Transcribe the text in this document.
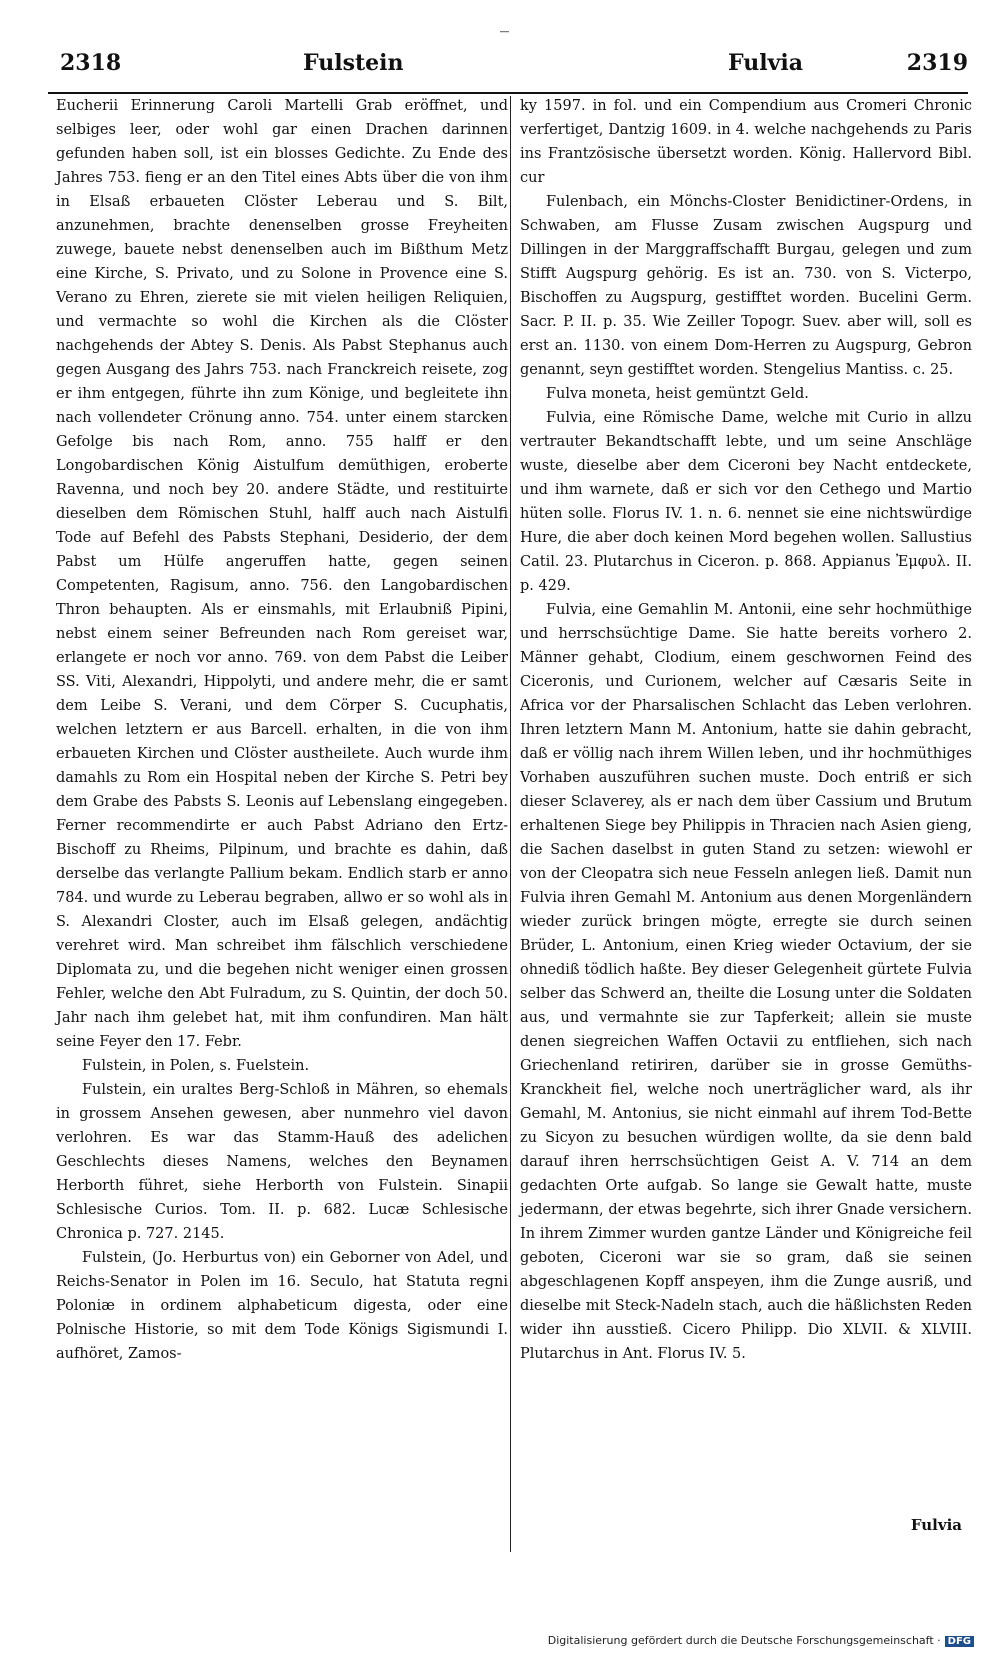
_
2318	Fulstein	Fulvia	2319

Eucherii Erinnerung Caroli Martelli Grab eröffnet, und selbiges leer, oder wohl gar einen Drachen darinnen gefunden haben soll, ist ein blosses Gedichte. Zu Ende des Jahres 753. fieng er an den Titel eines Abts über die von ihm in Elsaß erbaueten Clöster Leberau und S. Bilt, anzunehmen, brachte denenselben grosse Freyheiten zuwege, bauete nebst denenselben auch im Bißthum Metz eine Kirche, S. Privato, und zu Solone in Provence eine S. Verano zu Ehren, zierete sie mit vielen heiligen Reliquien, und vermachte so wohl die Kirchen als die Clöster nachgehends der Abtey S. Denis. Als Pabst Stephanus auch gegen Ausgang des Jahrs 753. nach Franckreich reisete, zog er ihm entgegen, führte ihn zum Könige, und begleitete ihn nach vollendeter Crönung anno. 754. unter einem starcken Gefolge bis nach Rom, anno. 755 halff er den Longobardischen König Aistulfum demüthigen, eroberte Ravenna, und noch bey 20. andere Städte, und restituirte dieselben dem Römischen Stuhl, halff auch nach Aistulfi Tode auf Befehl des Pabsts Stephani, Desiderio, der dem Pabst um Hülfe angeruffen hatte, gegen seinen Competenten, Ragisum, anno. 756. den Langobardischen Thron behaupten. Als er einsmahls, mit Erlaubniß Pipini, nebst einem seiner Befreunden nach Rom gereiset war, erlangete er noch vor anno. 769. von dem Pabst die Leiber SS. Viti, Alexandri, Hippolyti, und andere mehr, die er samt dem Leibe S. Verani, und dem Cörper S. Cucuphatis, welchen letztern er aus Barcell. erhalten, in die von ihm erbaueten Kirchen und Clöster austheilete. Auch wurde ihm damahls zu Rom ein Hospital neben der Kirche S. Petri bey dem Grabe des Pabsts S. Leonis auf Lebenslang eingegeben. Ferner recommendirte er auch Pabst Adriano den Ertz-Bischoff zu Rheims, Pilpinum, und brachte es dahin, daß derselbe das verlangte Pallium bekam. Endlich starb er anno 784. und wurde zu Leberau begraben, allwo er so wohl als in S. Alexandri Closter, auch im Elsaß gelegen, andächtig verehret wird. Man schreibet ihm fälschlich verschiedene Diplomata zu, und die begehen nicht weniger einen grossen Fehler, welche den Abt Fulradum, zu S. Quintin, der doch 50. Jahr nach ihm gelebet hat, mit ihm confundiren. Man hält seine Feyer den 17. Febr.

Fulstein, in Polen, s. Fuelstein.

Fulstein, ein uraltes Berg-Schloß in Mähren, so ehemals in grossem Ansehen gewesen, aber nunmehro viel davon verlohren. Es war das Stamm-Hauß des adelichen Geschlechts dieses Namens, welches den Beynamen Herborth führet, siehe Herborth von Fulstein. Sinapii Schlesische Curios. Tom. II. p. 682. Lucæ Schlesische Chronica p. 727. 2145.

Fulstein, (Jo. Herburtus von) ein Geborner von Adel, und Reichs-Senator in Polen im 16. Seculo, hat Statuta regni Poloniæ in ordinem alphabeticum digesta, oder eine Polnische Historie, so mit dem Tode Königs Sigismundi I. aufhöret, Zamos-

ky 1597. in fol. und ein Compendium aus Cromeri Chronic verfertiget, Dantzig 1609. in 4. welche nachgehends zu Paris ins Frantzösische übersetzt worden. König. Hallervord Bibl. cur

Fulenbach, ein Mönchs-Closter Benidictiner-Ordens, in Schwaben, am Flusse Zusam zwischen Augspurg und Dillingen in der Marggraffschafft Burgau, gelegen und zum Stifft Augspurg gehörig. Es ist an. 730. von S. Victerpo, Bischoffen zu Augspurg, gestifftet worden. Bucelini Germ. Sacr. P. II. p. 35. Wie Zeiller Topogr. Suev. aber will, soll es erst an. 1130. von einem Dom-Herren zu Augspurg, Gebron genannt, seyn gestifftet worden. Stengelius Mantiss. c. 25.

Fulva moneta, heist gemüntzt Geld.

Fulvia, eine Römische Dame, welche mit Curio in allzu vertrauter Bekandtschafft lebte, und um seine Anschläge wuste, dieselbe aber dem Ciceroni bey Nacht entdeckete, und ihm warnete, daß er sich vor den Cethego und Martio hüten solle. Florus IV. 1. n. 6. nennet sie eine nichtswürdige Hure, die aber doch keinen Mord begehen wollen. Sallustius Catil. 23. Plutarchus in Ciceron. p. 868. Appianus Ἐμφυλ. II. p. 429.

Fulvia, eine Gemahlin M. Antonii, eine sehr hochmüthige und herrschsüchtige Dame. Sie hatte bereits vorhero 2. Männer gehabt, Clodium, einem geschwornen Feind des Ciceronis, und Curionem, welcher auf Cæsaris Seite in Africa vor der Pharsalischen Schlacht das Leben verlohren. Ihren letztern Mann M. Antonium, hatte sie dahin gebracht, daß er völlig nach ihrem Willen leben, und ihr hochmüthiges Vorhaben auszuführen suchen muste. Doch entriß er sich dieser Sclaverey, als er nach dem über Cassium und Brutum erhaltenen Siege bey Philippis in Thracien nach Asien gieng, die Sachen daselbst in guten Stand zu setzen: wiewohl er von der Cleopatra sich neue Fesseln anlegen ließ. Damit nun Fulvia ihren Gemahl M. Antonium aus denen Morgenländern wieder zurück bringen mögte, erregte sie durch seinen Brüder, L. Antonium, einen Krieg wieder Octavium, der sie ohnediß tödlich haßte. Bey dieser Gelegenheit gürtete Fulvia selber das Schwerd an, theilte die Losung unter die Soldaten aus, und vermahnte sie zur Tapferkeit; allein sie muste denen siegreichen Waffen Octavii zu entfliehen, sich nach Griechenland retiriren, darüber sie in grosse Gemüths-Kranckheit fiel, welche noch unerträglicher ward, als ihr Gemahl, M. Antonius, sie nicht einmahl auf ihrem Tod-Bette zu Sicyon zu besuchen würdigen wollte, da sie denn bald darauf ihren herrschsüchtigen Geist A. V. 714 an dem gedachten Orte aufgab. So lange sie Gewalt hatte, muste jedermann, der etwas begehrte, sich ihrer Gnade versichern. In ihrem Zimmer wurden gantze Länder und Königreiche feil geboten, Ciceroni war sie so gram, daß sie seinen abgeschlagenen Kopff anspeyen, ihm die Zunge ausriß, und dieselbe mit Steck-Nadeln stach, auch die häßlichsten Reden wider ihn ausstieß. Cicero Philipp. Dio XLVII. & XLVIII. Plutarchus in Ant. Florus IV. 5.

Fulvia
Digitalisierung gefördert durch die Deutsche Forschungsgemeinschaft · DFG
